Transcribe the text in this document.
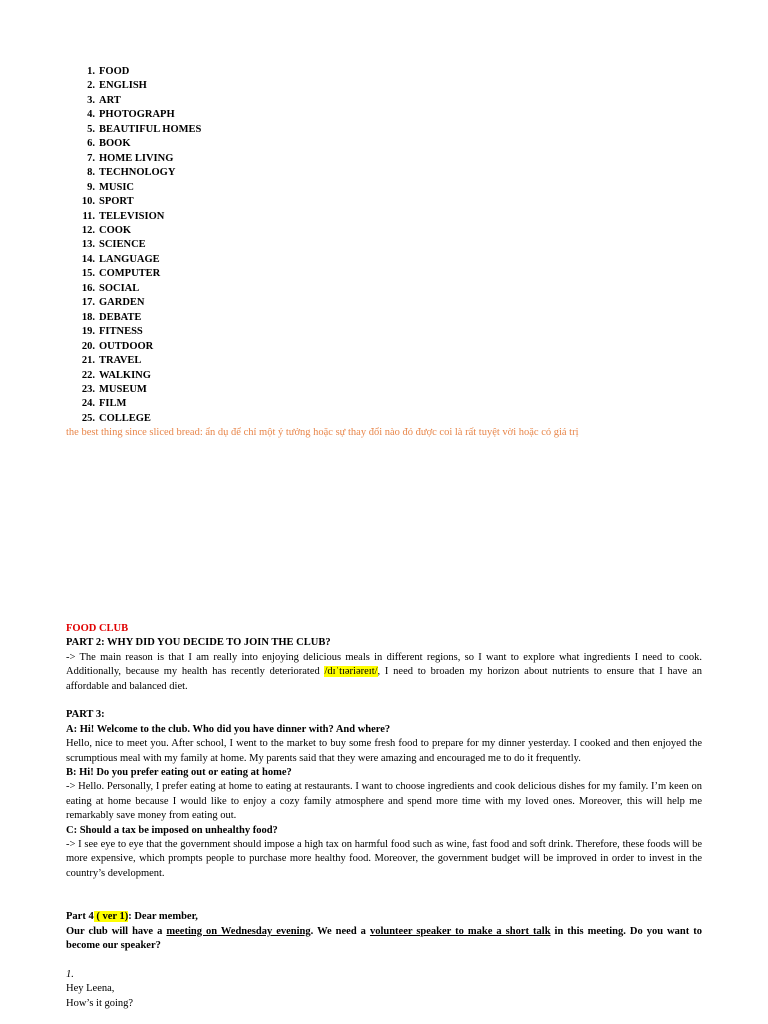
1. FOOD
2. ENGLISH
3. ART
4. PHOTOGRAPH
5. BEAUTIFUL HOMES
6. BOOK
7. HOME LIVING
8. TECHNOLOGY
9. MUSIC
10. SPORT
11. TELEVISION
12. COOK
13. SCIENCE
14. LANGUAGE
15. COMPUTER
16. SOCIAL
17. GARDEN
18. DEBATE
19. FITNESS
20. OUTDOOR
21. TRAVEL
22. WALKING
23. MUSEUM
24. FILM
25. COLLEGE
the best thing since sliced bread: ẩn dụ để chỉ một ý tưởng hoặc sự thay đổi nào đó được coi là rất tuyệt vời hoặc có giá trị
FOOD CLUB
PART 2: WHY DID YOU DECIDE TO JOIN THE CLUB?
-> The main reason is that I am really into enjoying delicious meals in different regions, so I want to explore what ingredients I need to cook. Additionally, because my health has recently deteriorated /dɪˈtɪəriəreɪt/, I need to broaden my horizon about nutrients to ensure that I have an affordable and balanced diet.
PART 3:
A: Hi! Welcome to the club. Who did you have dinner with? And where?
Hello, nice to meet you. After school, I went to the market to buy some fresh food to prepare for my dinner yesterday. I cooked and then enjoyed the scrumptious meal with my family at home. My parents said that they were amazing and encouraged me to do it frequently.
B: Hi! Do you prefer eating out or eating at home?
-> Hello. Personally, I prefer eating at home to eating at restaurants. I want to choose ingredients and cook delicious dishes for my family. I’m keen on eating at home because I would like to enjoy a cozy family atmosphere and spend more time with my loved ones. Moreover, this will help me remarkably save money from eating out.
C: Should a tax be imposed on unhealthy food?
-> I see eye to eye that the government should impose a high tax on harmful food such as wine, fast food and soft drink. Therefore, these foods will be more expensive, which prompts people to purchase more healthy food. Moreover, the government budget will be improved in order to invest in the country’s development.
Part 4 ( ver 1): Dear member,
Our club will have a meeting on Wednesday evening. We need a volunteer speaker to make a short talk in this meeting. Do you want to become our speaker?
1.
Hey Leena,
How’s it going?
